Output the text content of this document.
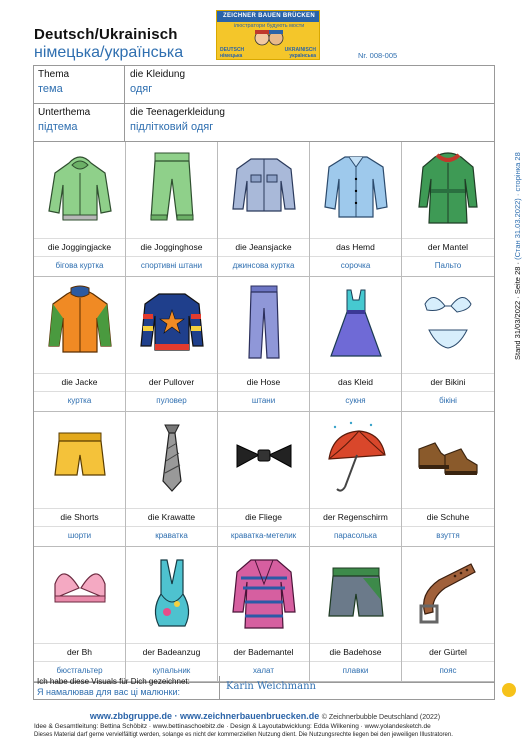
Deutsch/Ukrainisch
німецька/українська
ZEICHNER BAUEN BRÜCKEN
ілюстратори будують мости
DEUTSCH
німецька
UKRAINISCH
українська	Nr. 008-005
Thema
тема
die Kleidung
одяг
Unterthema
підтема
die Teenagerkleidung
підлітковий одяг
die Joggingjacke
бігова куртка
die Jogginghose
спортивні штани
die Jeansjacke
джинсова куртка
das Hemd
сорочка
der Mantel
Пальто
die Jacke
куртка
der Pullover
пуловер
die Hose
штани
das Kleid
сукня
der Bikini
бікіні
die Shorts
шорти
die Krawatte
краватка
die Fliege
краватка-метелик
der Regenschirm
парасолька
die Schuhe
взуття
der Bh
бюстгальтер
der Badeanzug
купальник
der Bademantel
халат
die Badehose
плавки
der Gürtel
пояс
Ich habe diese Visuals für Dich gezeichnet:
Я намалював для вас ці малюнки:	Karin Weichmann
www.zbbgruppe.de · www.zeichnerbauenbruecken.de © Zeichnerbubble Deutschland (2022)
Idee & Gesamtleitung: Bettina Schöbitz · www.bettinaschoebitz.de · Design & Layoutabwicklung: Edda Wilkening · www.yolandesketch.de
Dieses Material darf gerne vervielfältigt werden, solange es nicht der kommerziellen Nutzung dient. Die Nutzungsrechte liegen bei den jeweiligen Illustratoren.
Stand 31/03/2022 · Seite 28 · (Стан 31.03.2022) · сторінка 28
